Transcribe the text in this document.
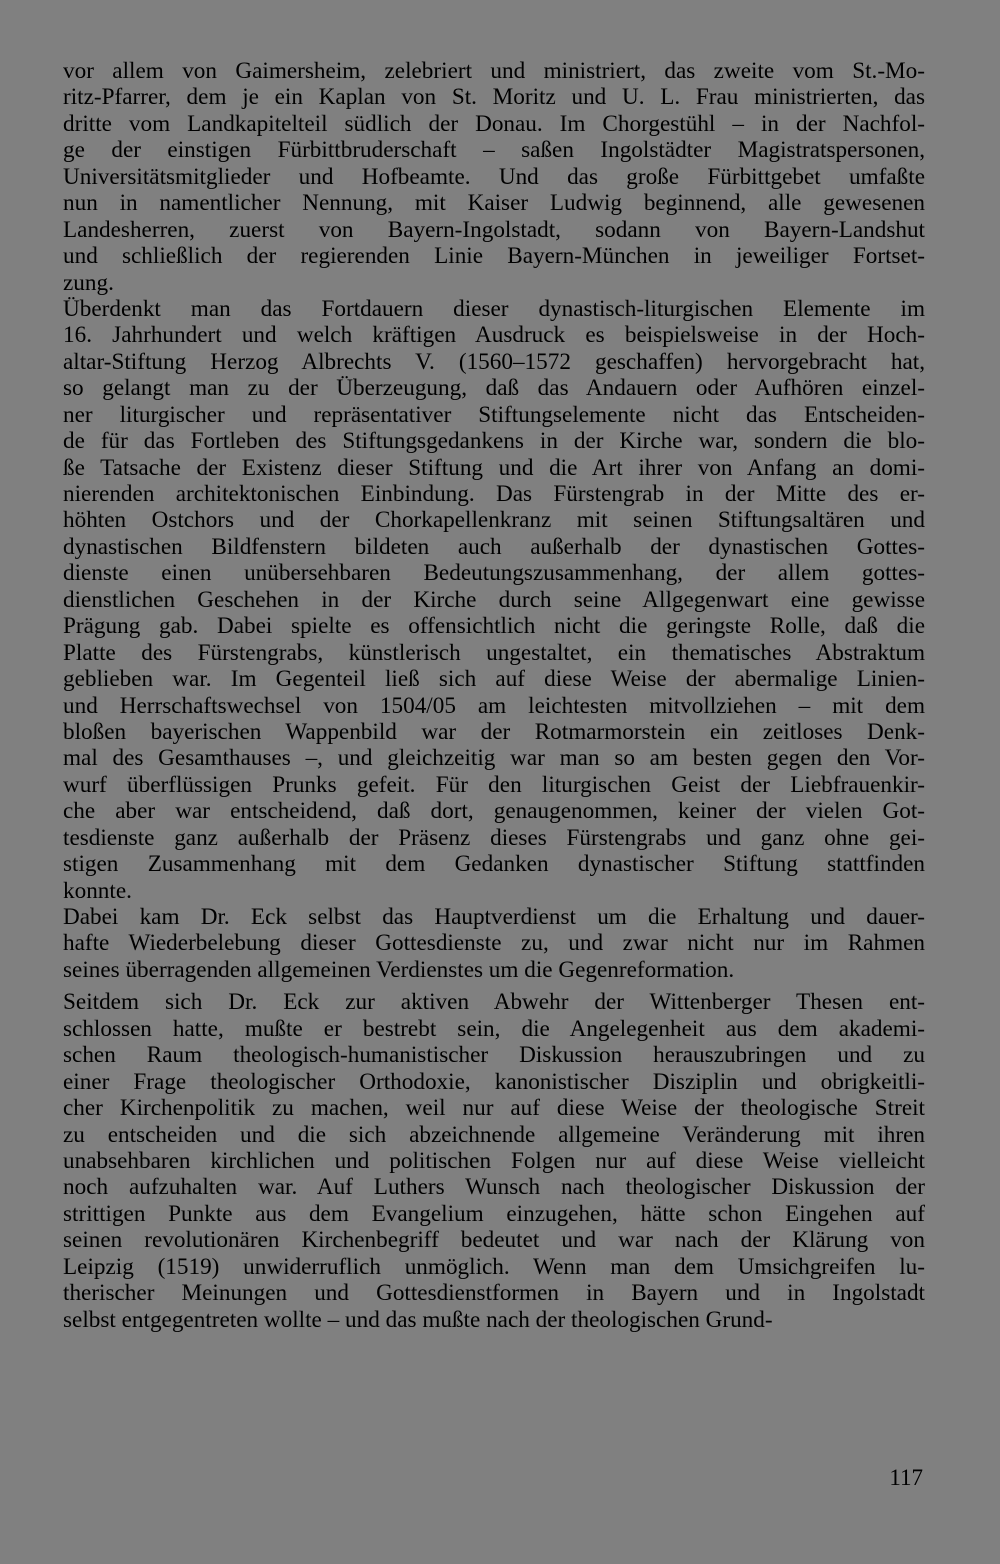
vor allem von Gaimersheim, zelebriert und ministriert, das zweite vom St.-Mo-
ritz-Pfarrer, dem je ein Kaplan von St. Moritz und U. L. Frau ministrierten, das
dritte vom Landkapitelteil südlich der Donau. Im Chorgestühl – in der Nachfol-
ge der einstigen Fürbittbruderschaft – saßen Ingolstädter Magistratspersonen,
Universitätsmitglieder und Hofbeamte. Und das große Fürbittgebet umfaßte
nun in namentlicher Nennung, mit Kaiser Ludwig beginnend, alle gewesenen
Landesherren, zuerst von Bayern-Ingolstadt, sodann von Bayern-Landshut
und schließlich der regierenden Linie Bayern-München in jeweiliger Fortset-
zung.
Überdenkt man das Fortdauern dieser dynastisch-liturgischen Elemente im
16. Jahrhundert und welch kräftigen Ausdruck es beispielsweise in der Hoch-
altar-Stiftung Herzog Albrechts V. (1560–1572 geschaffen) hervorgebracht hat,
so gelangt man zu der Überzeugung, daß das Andauern oder Aufhören einzel-
ner liturgischer und repräsentativer Stiftungselemente nicht das Entscheiden-
de für das Fortleben des Stiftungsgedankens in der Kirche war, sondern die blo-
ße Tatsache der Existenz dieser Stiftung und die Art ihrer von Anfang an domi-
nierenden architektonischen Einbindung. Das Fürstengrab in der Mitte des er-
höhten Ostchors und der Chorkapellenkranz mit seinen Stiftungsaltären und
dynastischen Bildfenstern bildeten auch außerhalb der dynastischen Gottes-
dienste einen unübersehbaren Bedeutungszusammenhang, der allem gottes-
dienstlichen Geschehen in der Kirche durch seine Allgegenwart eine gewisse
Prägung gab. Dabei spielte es offensichtlich nicht die geringste Rolle, daß die
Platte des Fürstengrabs, künstlerisch ungestaltet, ein thematisches Abstraktum
geblieben war. Im Gegenteil ließ sich auf diese Weise der abermalige Linien-
und Herrschaftswechsel von 1504/05 am leichtesten mitvollziehen – mit dem
bloßen bayerischen Wappenbild war der Rotmarmorstein ein zeitloses Denk-
mal des Gesamthauses –, und gleichzeitig war man so am besten gegen den Vor-
wurf überflüssigen Prunks gefeit. Für den liturgischen Geist der Liebfrauenkir-
che aber war entscheidend, daß dort, genaugenommen, keiner der vielen Got-
tesdienste ganz außerhalb der Präsenz dieses Fürstengrabs und ganz ohne gei-
stigen Zusammenhang mit dem Gedanken dynastischer Stiftung stattfinden
konnte.
Dabei kam Dr. Eck selbst das Hauptverdienst um die Erhaltung und dauer-
hafte Wiederbelebung dieser Gottesdienste zu, und zwar nicht nur im Rahmen
seines überragenden allgemeinen Verdienstes um die Gegenreformation.
Seitdem sich Dr. Eck zur aktiven Abwehr der Wittenberger Thesen ent-
schlossen hatte, mußte er bestrebt sein, die Angelegenheit aus dem akademi-
schen Raum theologisch-humanistischer Diskussion herauszubringen und zu
einer Frage theologischer Orthodoxie, kanonistischer Disziplin und obrigkeitli-
cher Kirchenpolitik zu machen, weil nur auf diese Weise der theologische Streit
zu entscheiden und die sich abzeichnende allgemeine Veränderung mit ihren
unabsehbaren kirchlichen und politischen Folgen nur auf diese Weise vielleicht
noch aufzuhalten war. Auf Luthers Wunsch nach theologischer Diskussion der
strittigen Punkte aus dem Evangelium einzugehen, hätte schon Eingehen auf
seinen revolutionären Kirchenbegriff bedeutet und war nach der Klärung von
Leipzig (1519) unwiderruflich unmöglich. Wenn man dem Umsichgreifen lu-
therischer Meinungen und Gottesdienstformen in Bayern und in Ingolstadt
selbst entgegentreten wollte – und das mußte nach der theologischen Grund-
117
